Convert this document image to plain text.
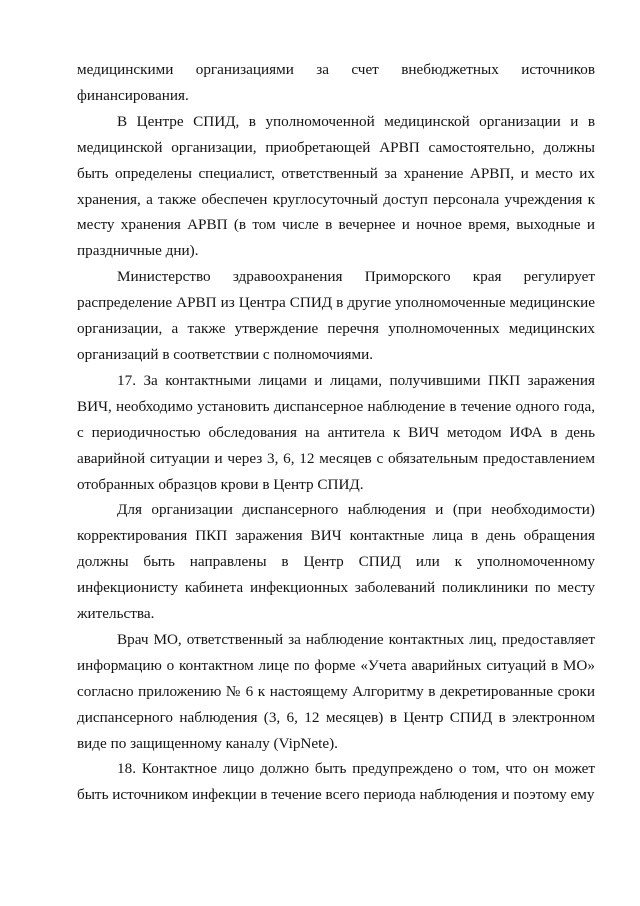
медицинскими организациями за счет внебюджетных источников финансирования.

В Центре СПИД, в уполномоченной медицинской организации и в медицинской организации, приобретающей АРВП самостоятельно, должны быть определены специалист, ответственный за хранение АРВП, и место их хранения, а также обеспечен круглосуточный доступ персонала учреждения к месту хранения АРВП (в том числе в вечернее и ночное время, выходные и праздничные дни).

Министерство здравоохранения Приморского края регулирует распределение АРВП из Центра СПИД в другие уполномоченные медицинские организации, а также утверждение перечня уполномоченных медицинских организаций в соответствии с полномочиями.

17. За контактными лицами и лицами, получившими ПКП заражения ВИЧ, необходимо установить диспансерное наблюдение в течение одного года, с периодичностью обследования на антитела к ВИЧ методом ИФА в день аварийной ситуации и через 3, 6, 12 месяцев с обязательным предоставлением отобранных образцов крови в Центр СПИД.

Для организации диспансерного наблюдения и (при необходимости) корректирования ПКП заражения ВИЧ контактные лица в день обращения должны быть направлены в Центр СПИД или к уполномоченному инфекционисту кабинета инфекционных заболеваний поликлиники по месту жительства.

Врач МО, ответственный за наблюдение контактных лиц, предоставляет информацию о контактном лице по форме «Учета аварийных ситуаций в МО» согласно приложению № 6 к настоящему Алгоритму в декретированные сроки диспансерного наблюдения (3, 6, 12 месяцев) в Центр СПИД в электронном виде по защищенному каналу (VipNete).

18. Контактное лицо должно быть предупреждено о том, что он может быть источником инфекции в течение всего периода наблюдения и поэтому ему
